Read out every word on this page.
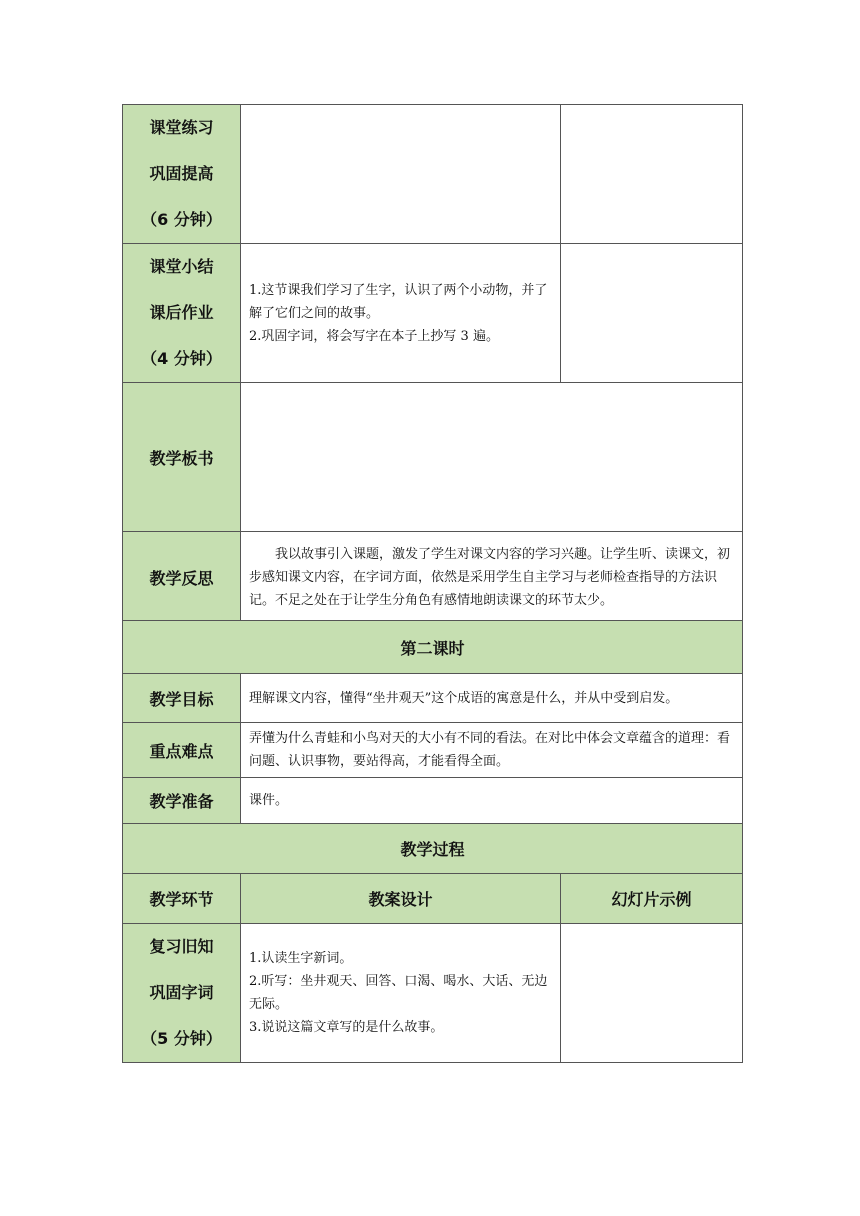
课堂练习
巩固提高
（6 分钟）		

课堂小结
课后作业
（4 分钟）	1.这节课我们学习了生字，认识了两个小动物，并了解了它们之间的故事。
2.巩固字词，将会写字在本子上抄写 3 遍。	

教学板书		
教学反思	我以故事引入课题，激发了学生对课文内容的学习兴趣。让学生听、读课文，初步感知课文内容，在字词方面，依然是采用学生自主学习与老师检查指导的方法识记。不足之处在于让学生分角色有感情地朗读课文的环节太少。	
第二课时		
教学目标	理解课文内容，懂得“坐井观天”这个成语的寓意是什么，并从中受到启发。	
重点难点	弄懂为什么青蛙和小鸟对天的大小有不同的看法。在对比中体会文章蕴含的道理：看问题、认识事物，要站得高，才能看得全面。	
教学准备	课件。	
教学过程		
教学环节	教案设计	幻灯片示例

复习旧知
巩固字词
（5 分钟）	1.认读生字新词。
2.听写：坐井观天、回答、口渴、喝水、大话、无边无际。
3.说说这篇文章写的是什么故事。	
